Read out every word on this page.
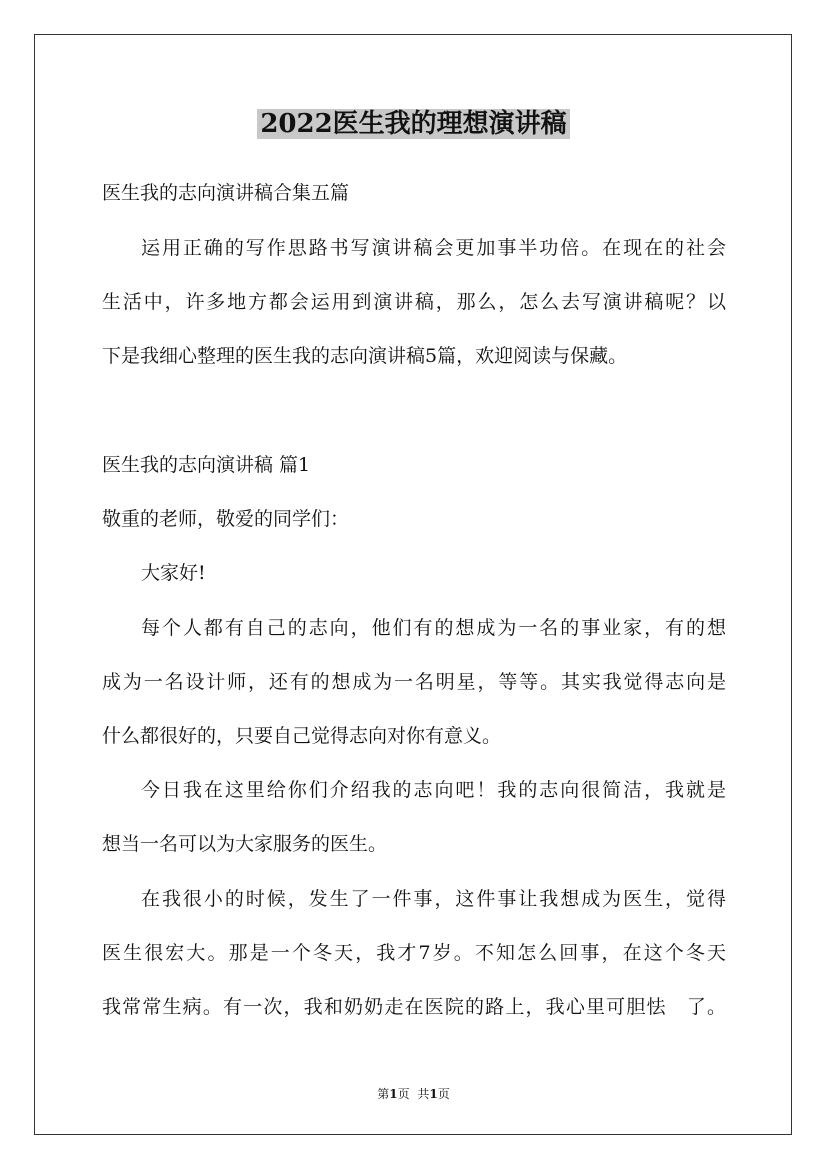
2022医生我的理想演讲稿
医生我的志向演讲稿合集五篇
运用正确的写作思路书写演讲稿会更加事半功倍。在现在的社会
生活中，许多地方都会运用到演讲稿，那么，怎么去写演讲稿呢？以
下是我细心整理的医生我的志向演讲稿5篇，欢迎阅读与保藏。
医生我的志向演讲稿 篇1
敬重的老师，敬爱的同学们：
大家好!
每个人都有自己的志向，他们有的想成为一名的事业家，有的想
成为一名设计师，还有的想成为一名明星，等等。其实我觉得志向是
什么都很好的，只要自己觉得志向对你有意义。
今日我在这里给你们介绍我的志向吧！我的志向很简洁，我就是
想当一名可以为大家服务的医生。
在我很小的时候，发生了一件事，这件事让我想成为医生，觉得
医生很宏大。那是一个冬天，我才7岁。不知怎么回事，在这个冬天
我常常生病。有一次，我和奶奶走在医院的路上，我心里可胆怯　了。
第1页 共1页
